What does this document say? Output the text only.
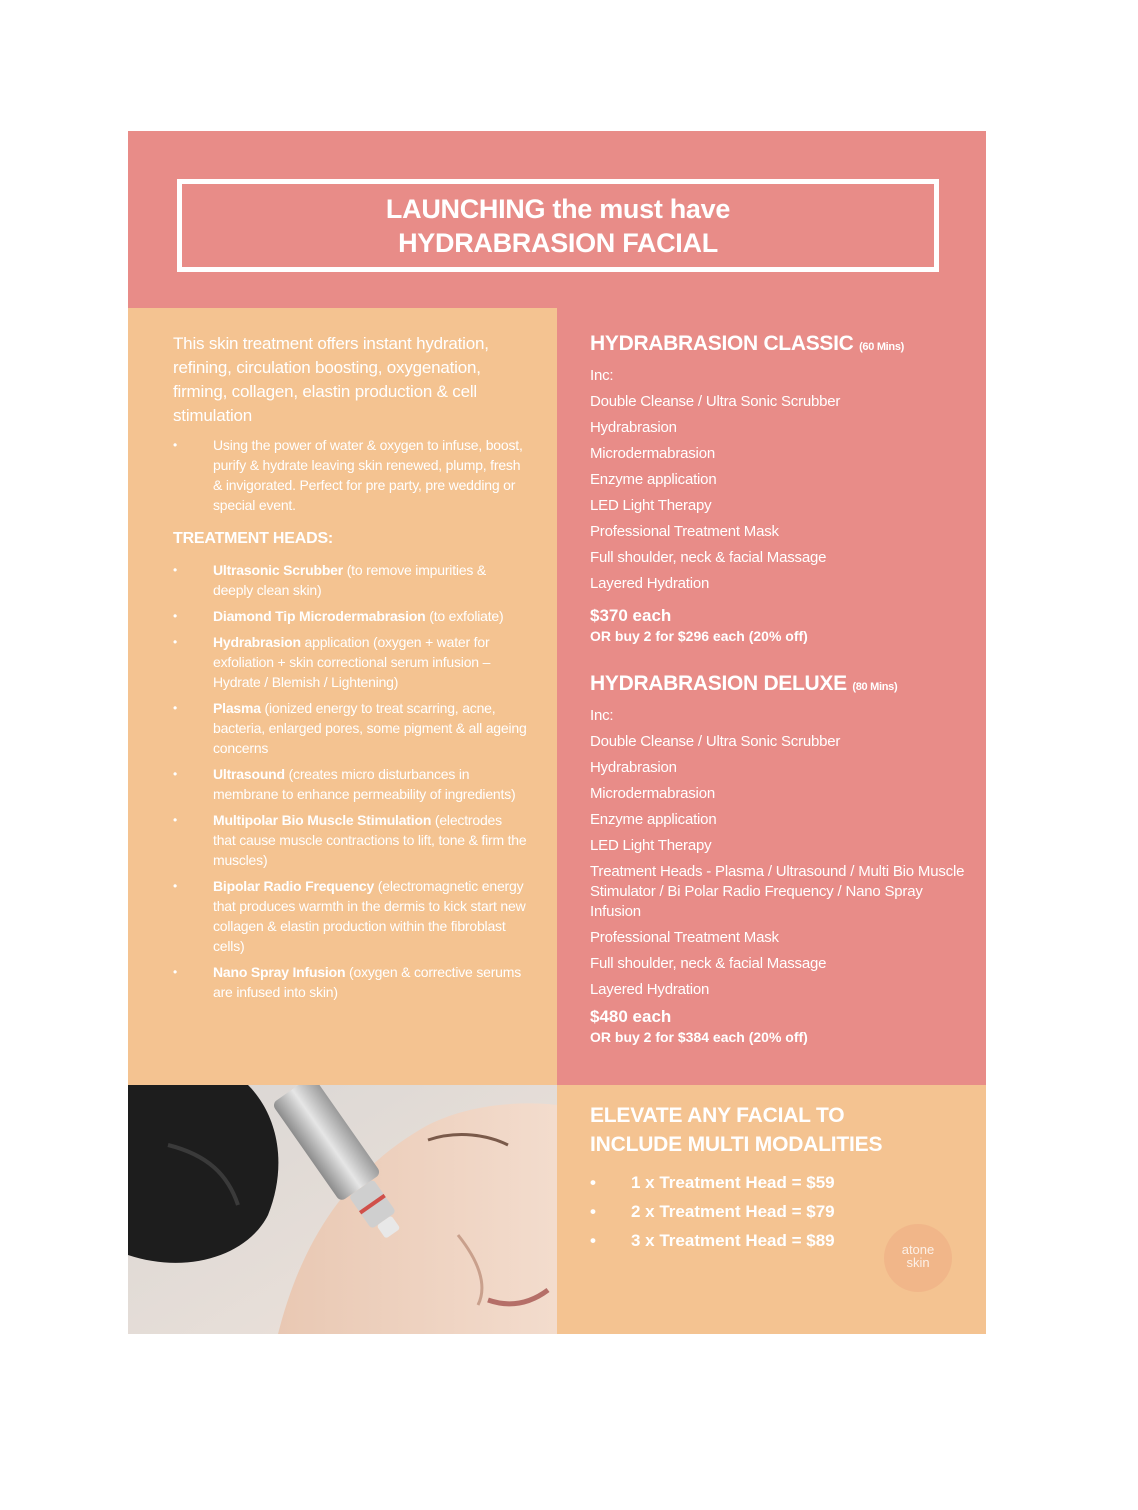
LAUNCHING the must have
HYDRABRASION FACIAL

This skin treatment offers instant hydration, refining, circulation boosting, oxygenation, firming, collagen, elastin production & cell stimulation

• Using the power of water & oxygen to infuse, boost, purify & hydrate leaving skin renewed, plump, fresh & invigorated. Perfect for pre party, pre wedding or special event.
TREATMENT HEADS:
• Ultrasonic Scrubber (to remove impurities & deeply clean skin)
• Diamond Tip Microdermabrasion (to exfoliate)
• Hydrabrasion application (oxygen + water for exfoliation + skin correctional serum infusion – Hydrate / Blemish / Lightening)
• Plasma (ionized energy to treat scarring, acne, bacteria, enlarged pores, some pigment & all ageing concerns
• Ultrasound (creates micro disturbances in membrane to enhance permeability of ingredients)
• Multipolar Bio Muscle Stimulation (electrodes that cause muscle contractions to lift, tone & firm the muscles)
• Bipolar Radio Frequency (electromagnetic energy that produces warmth in the dermis to kick start new collagen & elastin production within the fibroblast cells)
• Nano Spray Infusion (oxygen & corrective serums are infused into skin)
HYDRABRASION CLASSIC (60 Mins)
Inc:
Double Cleanse / Ultra Sonic Scrubber
Hydrabrasion
Microdermabrasion
Enzyme application
LED Light Therapy
Professional Treatment Mask
Full shoulder, neck & facial Massage
Layered Hydration
$370 each
OR buy 2 for $296 each (20% off)
HYDRABRASION DELUXE (80 Mins)
Inc:
Double Cleanse / Ultra Sonic Scrubber
Hydrabrasion
Microdermabrasion
Enzyme application
LED Light Therapy
Treatment Heads - Plasma / Ultrasound / Multi Bio Muscle Stimulator / Bi Polar Radio Frequency / Nano Spray Infusion
Professional Treatment Mask
Full shoulder, neck & facial Massage
Layered Hydration
$480 each
OR buy 2 for $384 each (20% off)
ELEVATE ANY FACIAL TO
INCLUDE MULTI MODALITIES
• 1 x Treatment Head = $59
• 2 x Treatment Head = $79
• 3 x Treatment Head = $89	atone
skin
